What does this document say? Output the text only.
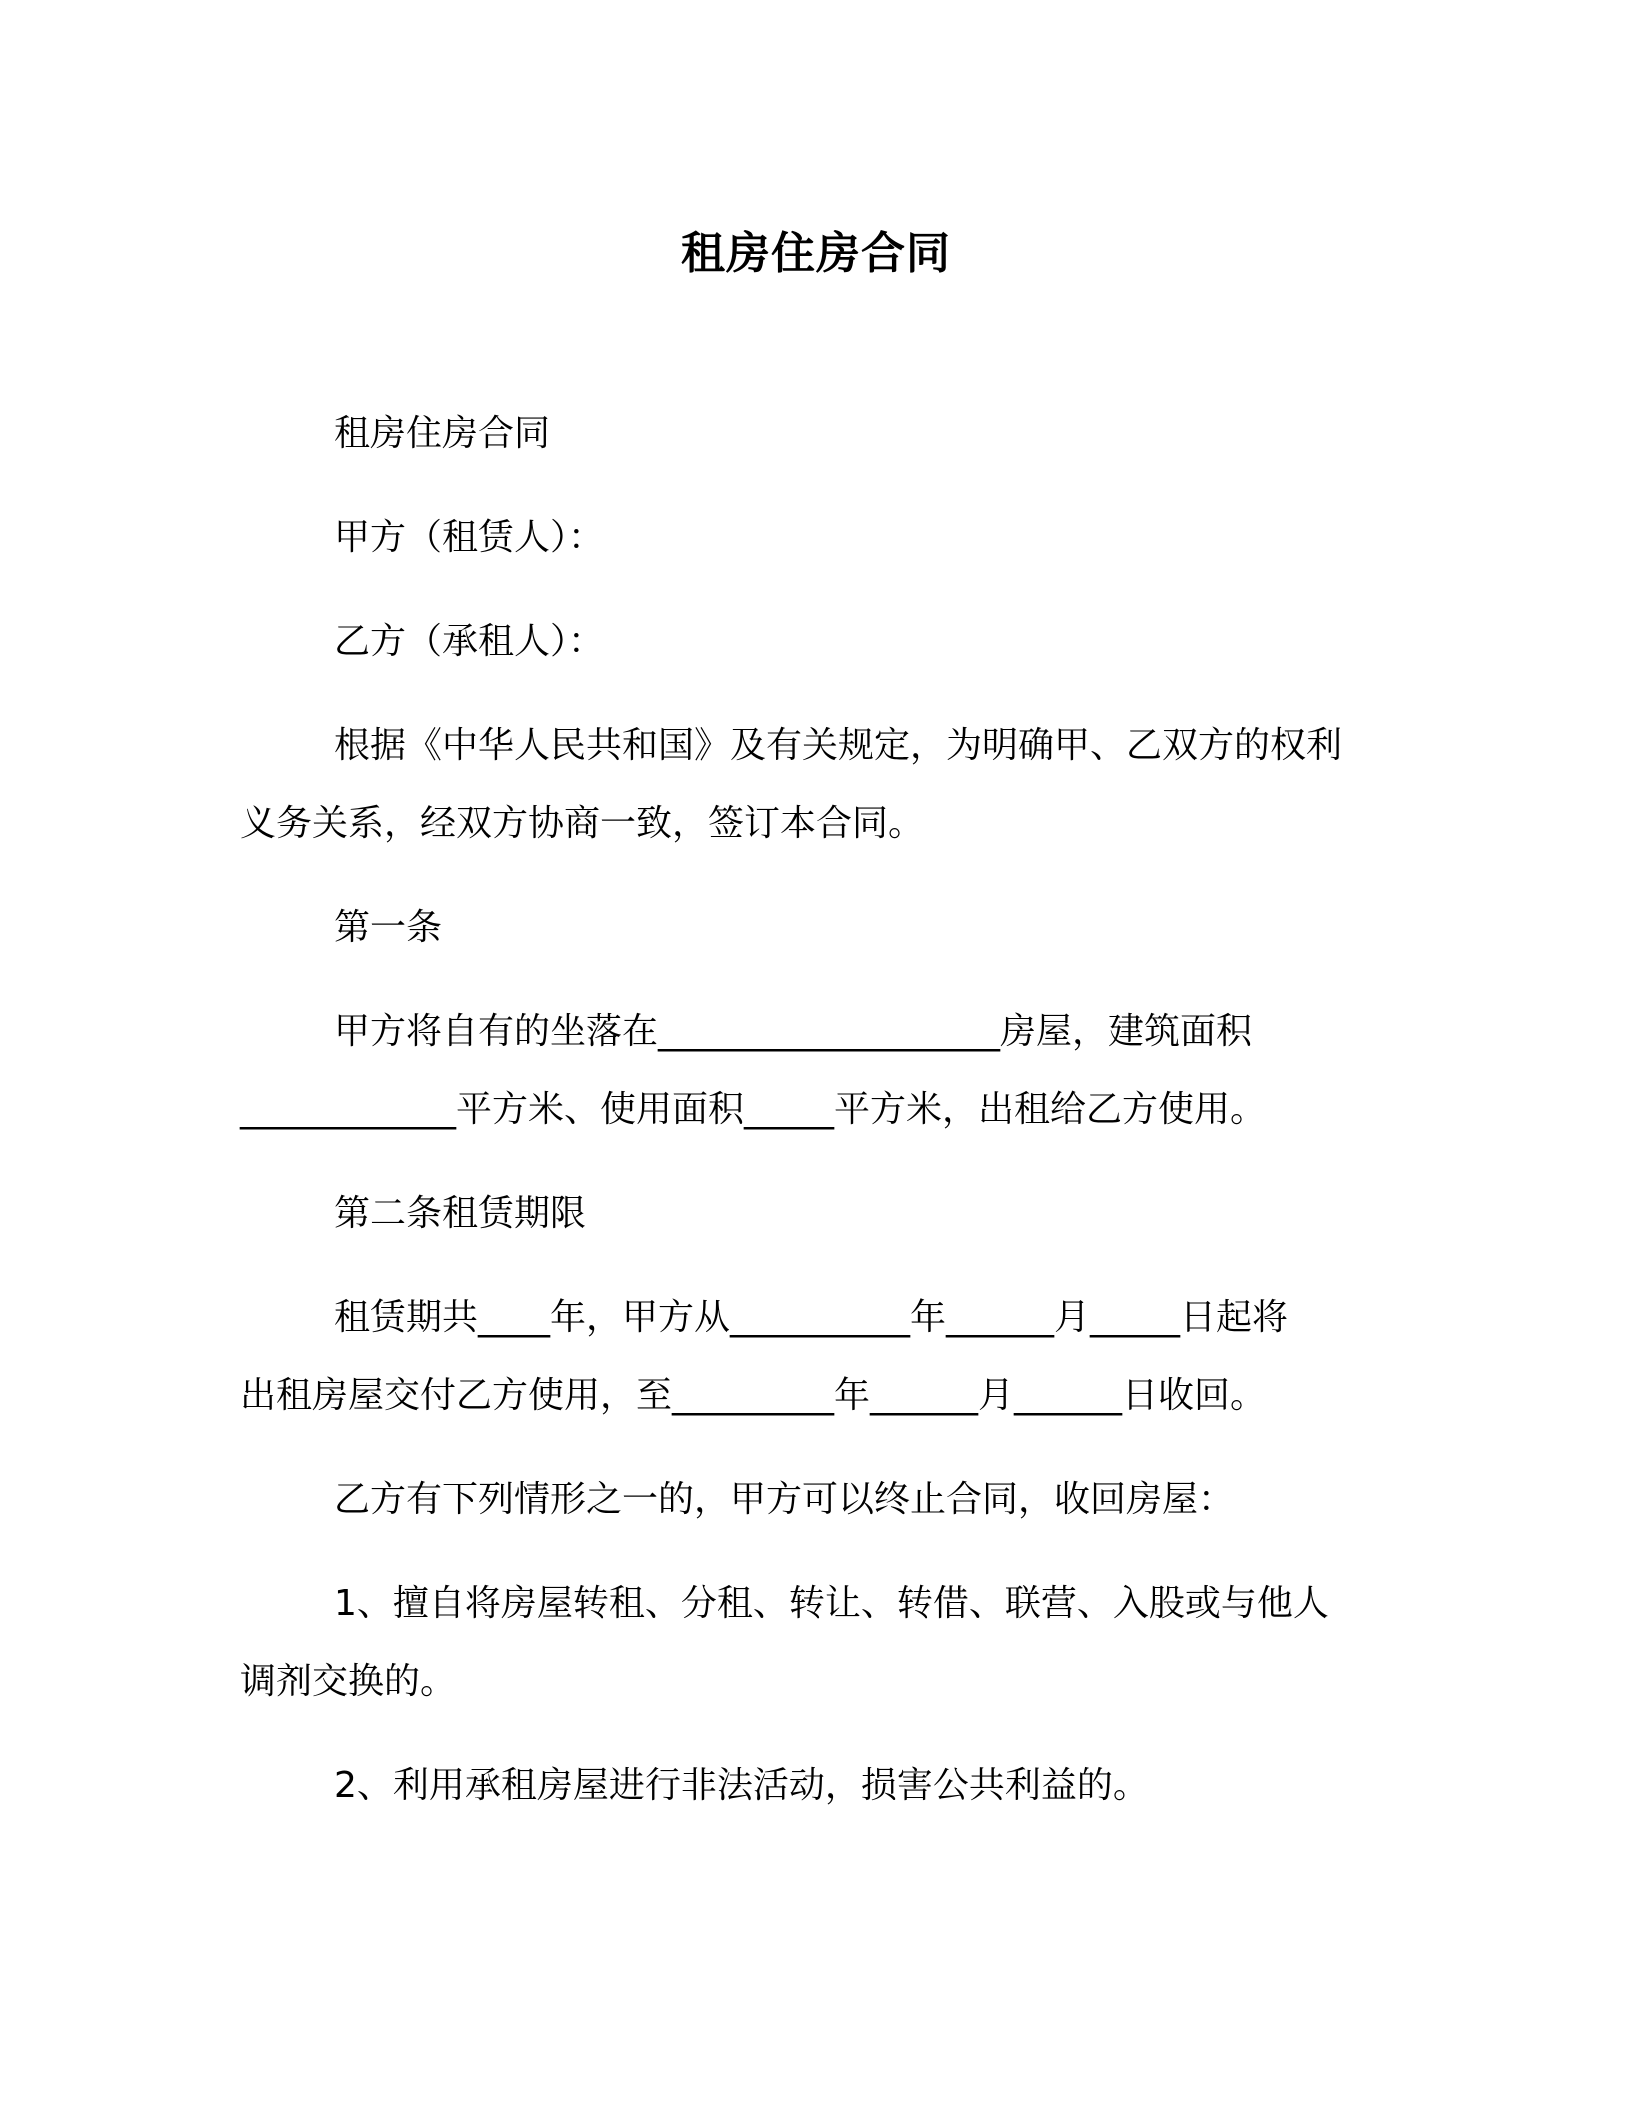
租房住房合同

租房住房合同

甲方（租赁人）：

乙方（承租人）：

根据《中华人民共和国》及有关规定，为明确甲、乙双方的权利
义务关系，经双方协商一致，签订本合同。

第一条

甲方将自有的坐落在___________________房屋，建筑面积
____________平方米、使用面积_____平方米，出租给乙方使用。

第二条租赁期限

租赁期共____年，甲方从__________年______月_____日起将
出租房屋交付乙方使用，至_________年______月______日收回。

乙方有下列情形之一的，甲方可以终止合同，收回房屋：

1、擅自将房屋转租、分租、转让、转借、联营、入股或与他人
调剂交换的。

2、利用承租房屋进行非法活动，损害公共利益的。
